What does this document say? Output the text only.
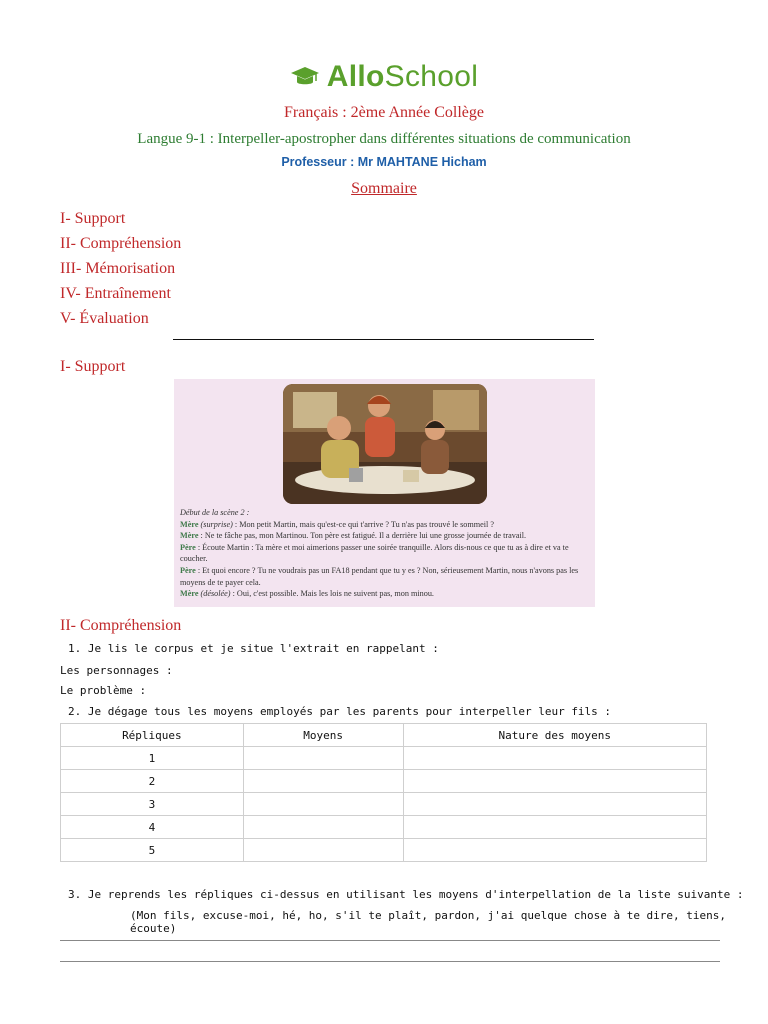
AlloSchool
Français : 2ème Année Collège
Langue 9-1 : Interpeller-apostropher dans différentes situations de communication
Professeur : Mr MAHTANE Hicham
Sommaire
I- Support
II- Compréhension
III- Mémorisation
IV- Entraînement
V- Évaluation
I- Support
Début de la scène 2 :
Mère (surprise) : Mon petit Martin, mais qu'est-ce qui t'arrive ? Tu n'as pas trouvé le sommeil ?
Mère : Ne te fâche pas, mon Martinou. Ton père est fatigué. Il a derrière lui une grosse journée de travail.
Père : Écoute Martin : Ta mère et moi aimerions passer une soirée tranquille. Alors dis-nous ce que tu as à dire et va te coucher.
Père : Et quoi encore ? Tu ne voudrais pas un FA18 pendant que tu y es ? Non, sérieusement Martin, nous n'avons pas les moyens de te payer cela.
Mère (désolée) : Oui, c'est possible. Mais les lois ne suivent pas, mon minou.
II- Compréhension
1. Je lis le corpus et je situe l'extrait en rappelant :
Les personnages :
Le problème :
2. Je dégage tous les moyens employés par les parents pour interpeller leur fils :
Répliques	Moyens	Nature des moyens
1		
2		
3		
4		
5		
3. Je reprends les répliques ci-dessus en utilisant les moyens d'interpellation de la liste suivante :
(Mon fils, excuse-moi, hé, ho, s'il te plaît, pardon, j'ai quelque chose à te dire, tiens, écoute)
